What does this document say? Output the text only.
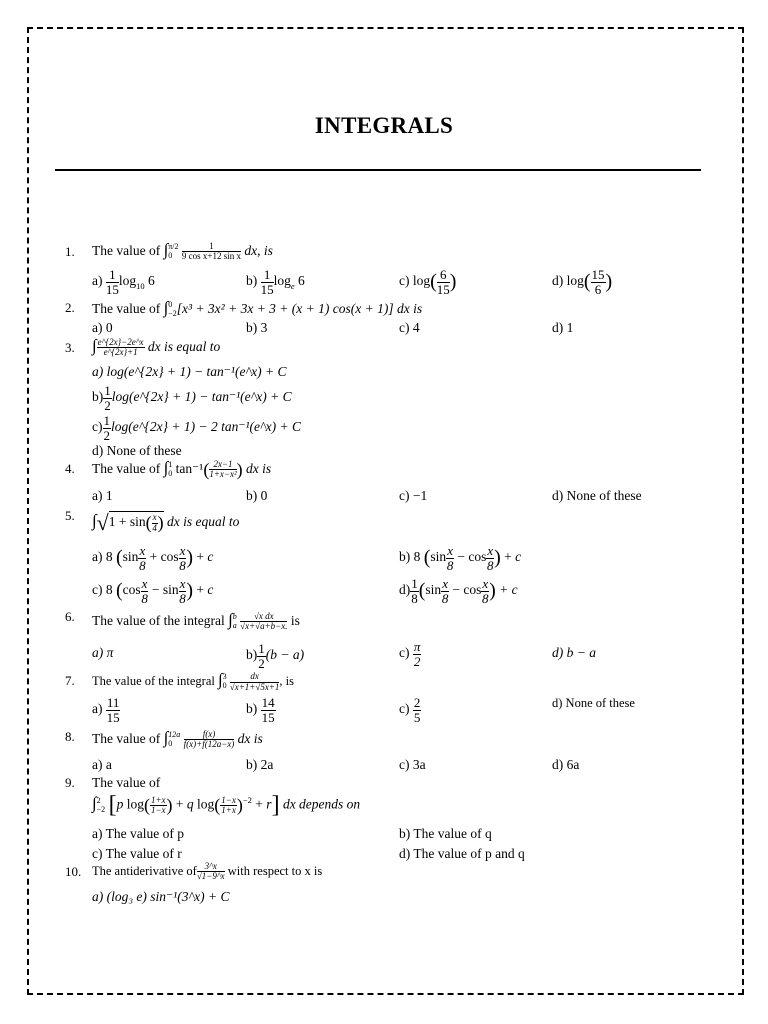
INTEGRALS
1. The value of ∫ π/2
0
	$\frac{1}{\text{9 cos x+12 sin x}}$ dx, is
$a) \frac{1}{15} \log_{10} 6$	$b) \frac{1}{15} \log_e 6$	c) $\log( \frac{6}{15}$ )	d) $\log( \frac{15}{6}$ )
2. The value of ∫ 0
−2 [x³ + 3x² + 3x + 3 + (x + 1) cos(x + 1)] dx is
a) 0	b) 3	c) 4	d) 1
3. ∫ $\frac{e\^{}\{2x\}-2e\^{}x}{e\^{}\{2x\}+1}$ dx is equal to
a) log(e^{2x} + 1) − tan⁻¹(e^x) + C
$b) \frac{1}{2}$ log(e^{2x} + 1) − tan⁻¹(e^x) + C
$c) \frac{1}{2}$ log(e^{2x} + 1) − 2 tan⁻¹(e^x) + C
d) None of these
4. The value of ∫ 1
0 $\tan^{-1}( \frac{2x-1}{\text{1+x−x²}}$ ) dx is
a) 1	b) 0	c) −1	d) None of these
5. $\int√1 + \sin( \frac{x}{4}$ ) dx is equal to
a) 8 ($\sin \frac{x}{8} + \cos \frac{x}{8}$ ) + c	b) 8 ($\sin \frac{x}{8} - \cos \frac{x}{8}$ ) + c
c) 8 ($\cos \frac{x}{8} - \sin \frac{x}{8}$ ) + c	$d) \frac{1}{8} (\sin \frac{x}{8} - \cos \frac{x}{8}$ ) + c
6. The value of the integral ∫ b
a
$\frac{\text{√x dx}}{√x+√a+b-x.}$ is
a) π	$b) \frac{1}{2} (b - a)$	$c) \frac{\pi}{2}$	d) b − a
7. The value of the integral ∫ 3
0
$\frac{dx}{√x+1+√5x+1}$ , is
$a) \frac{11}{15}$	$b) \frac{14}{15}$	$c) \frac{2}{5}$	d) None of these
8. The value of ∫ 12a
0
	$\frac{f(x)}{f(x)+f(12a-x)}$ dx is
a) a	b) 2a	c) 3a	d) 6a
9. The value of
∫ 2
−2 [p $\log( \frac{1+x}{1-x}$ ) + q $\log( \frac{1-x}{1+x} )^{-2} + r$] dx depends on
a) The value of p	b) The value of q
c) The value of r	d) The value of p and q
10. The antiderivative of $\frac{3\^{}x}{√1-9\^{}x}$ with respect to x is
a) (log₃ e) sin⁻¹(3^x) + C
